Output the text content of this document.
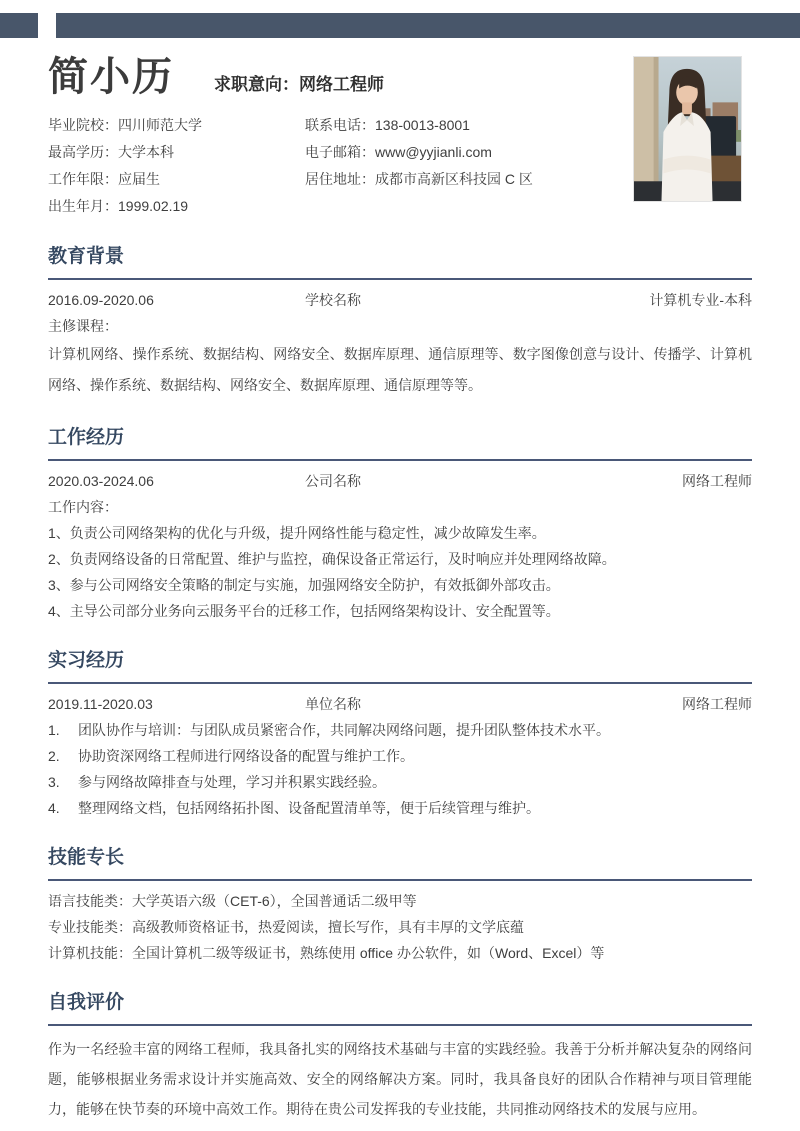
简小历 求职意向：网络工程师
毕业院校：四川师范大学
最高学历：大学本科
工作年限：应届生
出生年月：1999.02.19
联系电话：138-0013-8001
电子邮箱：www@yyjianli.com
居住地址：成都市高新区科技园 C 区
教育背景
2016.09-2020.06	学校名称	计算机专业-本科
主修课程：
计算机网络、操作系统、数据结构、网络安全、数据库原理、通信原理等、数字图像创意与设计、传播学、计算机网络、操作系统、数据结构、网络安全、数据库原理、通信原理等等。
工作经历
2020.03-2024.06	公司名称	网络工程师
工作内容：
1、负责公司网络架构的优化与升级，提升网络性能与稳定性，减少故障发生率。
2、负责网络设备的日常配置、维护与监控，确保设备正常运行，及时响应并处理网络故障。
3、参与公司网络安全策略的制定与实施，加强网络安全防护，有效抵御外部攻击。
4、主导公司部分业务向云服务平台的迁移工作，包括网络架构设计、安全配置等。
实习经历
2019.11-2020.03	单位名称	网络工程师
1.	团队协作与培训：与团队成员紧密合作，共同解决网络问题，提升团队整体技术水平。
2.	协助资深网络工程师进行网络设备的配置与维护工作。
3.	参与网络故障排查与处理，学习并积累实践经验。
4.	整理网络文档，包括网络拓扑图、设备配置清单等，便于后续管理与维护。
技能专长
语言技能类：大学英语六级（CET-6），全国普通话二级甲等
专业技能类：高级教师资格证书，热爱阅读，擅长写作，具有丰厚的文学底蕴
计算机技能：全国计算机二级等级证书，熟练使用 office 办公软件，如（Word、Excel）等
自我评价
作为一名经验丰富的网络工程师，我具备扎实的网络技术基础与丰富的实践经验。我善于分析并解决复杂的网络问题，能够根据业务需求设计并实施高效、安全的网络解决方案。同时，我具备良好的团队合作精神与项目管理能力，能够在快节奏的环境中高效工作。期待在贵公司发挥我的专业技能，共同推动网络技术的发展与应用。
